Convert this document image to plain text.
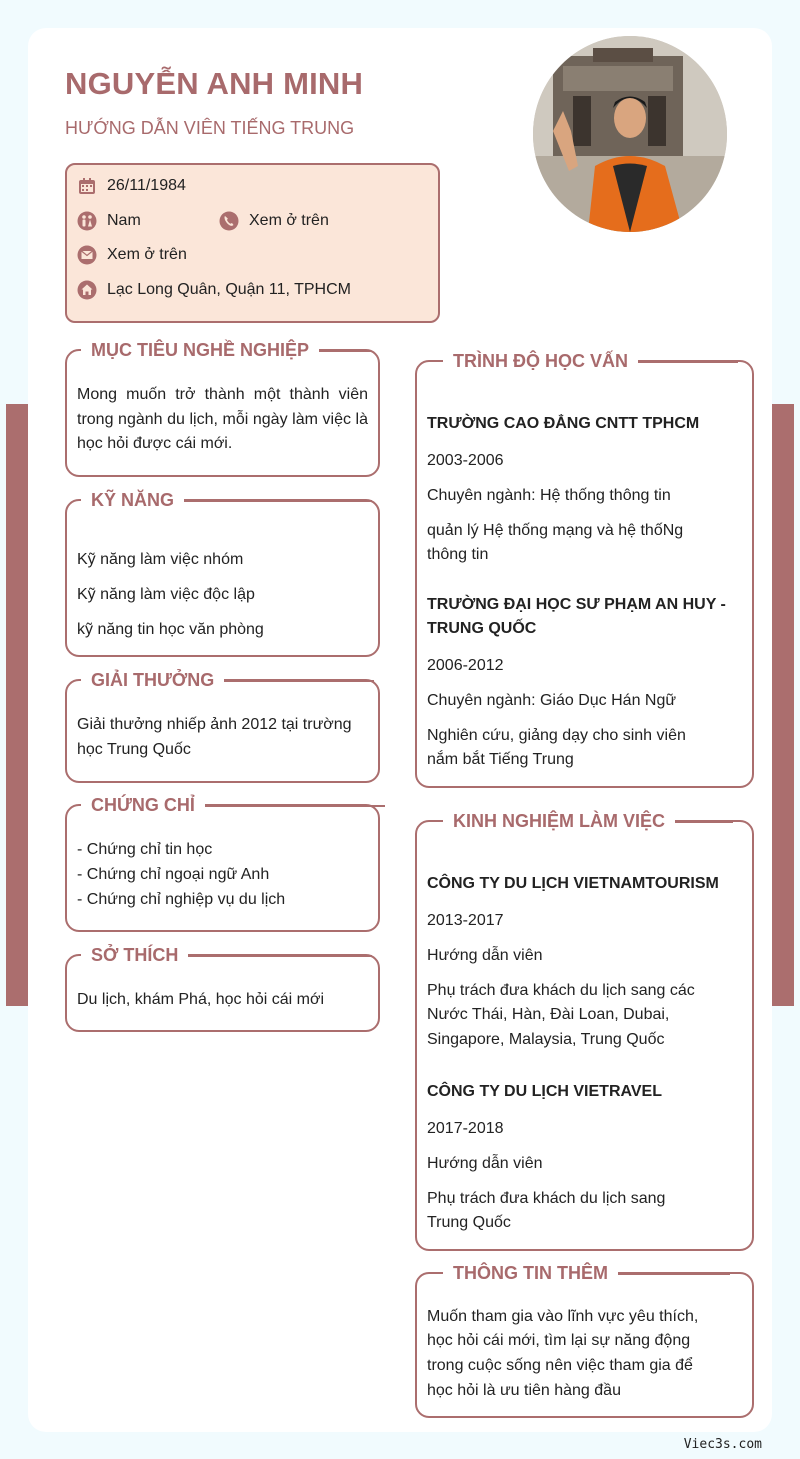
NGUYỄN ANH MINH
HƯỚNG DẪN VIÊN TIẾNG TRUNG
26/11/1984
Nam	Xem ở trên
Xem ở trên
Lạc Long Quân, Quận 11, TPHCM
MỤC TIÊU NGHỀ NGHIỆP
Mong muốn trở thành một thành viên trong ngành du lịch, mỗi ngày làm việc là học hỏi được cái mới.
KỸ NĂNG
Kỹ năng làm việc nhóm
Kỹ năng làm việc độc lập
kỹ năng tin học văn phòng
GIẢI THƯỞNG
Giải thưởng nhiếp ảnh 2012 tại trường
học Trung Quốc
CHỨNG CHỈ
- Chứng chỉ tin học
- Chứng chỉ ngoại ngữ Anh
- Chứng chỉ nghiệp vụ du lịch
SỞ THÍCH
Du lịch, khám Phá, học hỏi cái mới
TRÌNH ĐỘ HỌC VẤN
TRƯỜNG CAO ĐẲNG CNTT TPHCM
2003-2006
Chuyên ngành: Hệ thống thông tin
quản lý Hệ thống mạng và hệ thốNg
thông tin
TRƯỜNG ĐẠI HỌC SƯ PHẠM AN HUY -
TRUNG QUỐC
2006-2012
Chuyên ngành: Giáo Dục Hán Ngữ
Nghiên cứu, giảng dạy cho sinh viên
nắm bắt Tiếng Trung
KINH NGHIỆM LÀM VIỆC
CÔNG TY DU LỊCH VIETNAMTOURISM
2013-2017
Hướng dẫn viên
Phụ trách đưa khách du lịch sang các
Nước Thái, Hàn, Đài Loan, Dubai,
Singapore, Malaysia, Trung Quốc
CÔNG TY DU LỊCH VIETRAVEL
2017-2018
Hướng dẫn viên
Phụ trách đưa khách du lịch sang
Trung Quốc
THÔNG TIN THÊM
Muốn tham gia vào lĩnh vực yêu thích,
học hỏi cái mới, tìm lại sự năng động
trong cuộc sống nên việc tham gia để
học hỏi là ưu tiên hàng đầu
Viec3s.com
